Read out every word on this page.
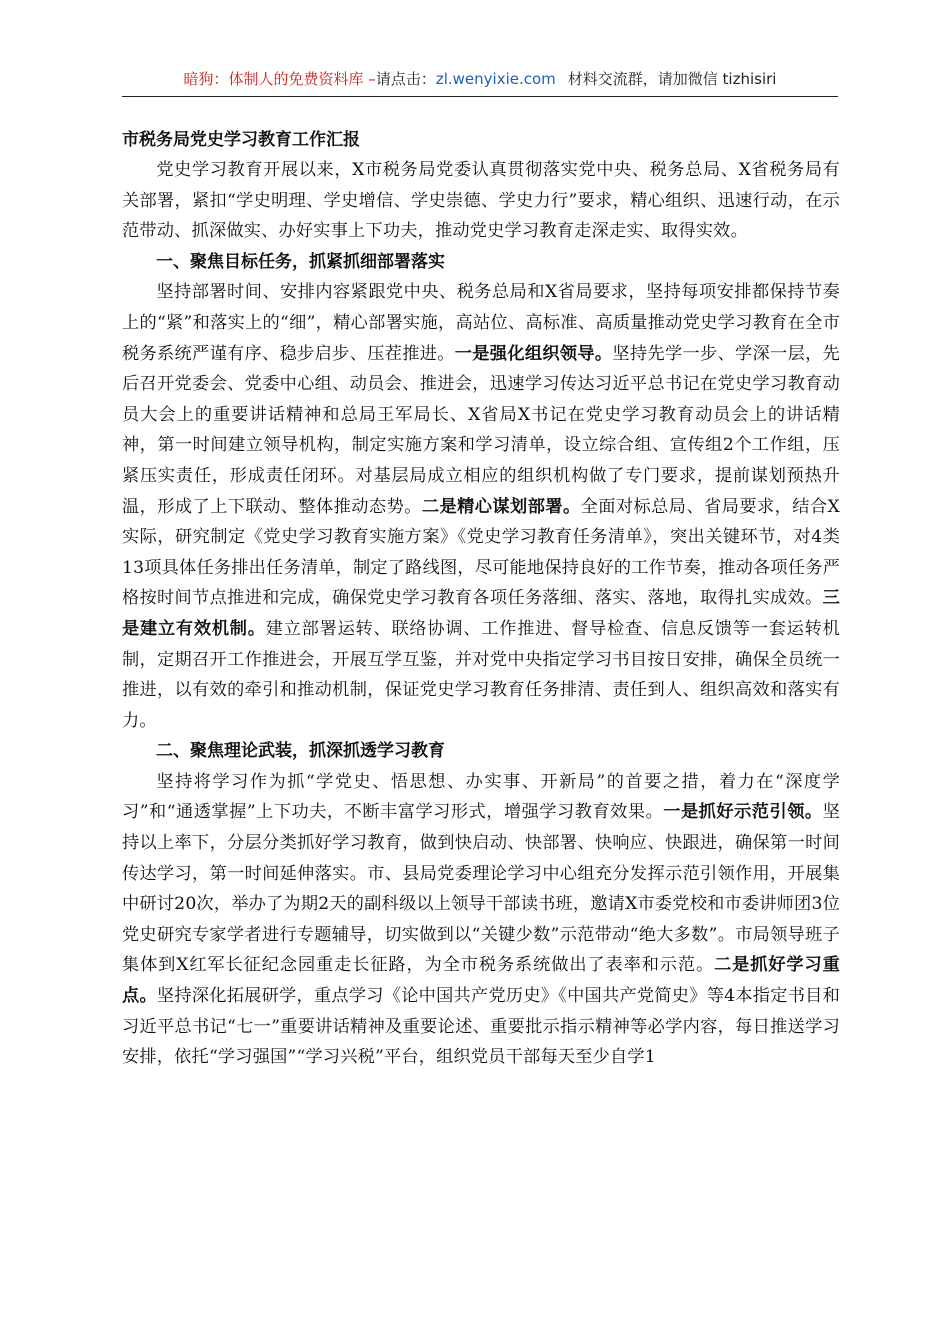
暗狗：体制人的免费资料库 –请点击：zl.wenyixie.com 材料交流群，请加微信 tizhisiri

市税务局党史学习教育工作汇报

党史学习教育开展以来，X市税务局党委认真贯彻落实党中央、税务总局、X省税务局有关部署，紧扣“学史明理、学史增信、学史崇德、学史力行”要求，精心组织、迅速行动，在示范带动、抓深做实、办好实事上下功夫，推动党史学习教育走深走实、取得实效。

一、聚焦目标任务，抓紧抓细部署落实

坚持部署时间、安排内容紧跟党中央、税务总局和X省局要求，坚持每项安排都保持节奏上的“紧”和落实上的“细”，精心部署实施，高站位、高标准、高质量推动党史学习教育在全市税务系统严谨有序、稳步启步、压茬推进。一是强化组织领导。坚持先学一步、学深一层，先后召开党委会、党委中心组、动员会、推进会，迅速学习传达习近平总书记在党史学习教育动员大会上的重要讲话精神和总局王军局长、X省局X书记在党史学习教育动员会上的讲话精神，第一时间建立领导机构，制定实施方案和学习清单，设立综合组、宣传组2个工作组，压紧压实责任，形成责任闭环。对基层局成立相应的组织机构做了专门要求，提前谋划预热升温，形成了上下联动、整体推动态势。二是精心谋划部署。全面对标总局、省局要求，结合X实际，研究制定《党史学习教育实施方案》《党史学习教育任务清单》，突出关键环节，对4类13项具体任务排出任务清单，制定了路线图，尽可能地保持良好的工作节奏，推动各项任务严格按时间节点推进和完成，确保党史学习教育各项任务落细、落实、落地，取得扎实成效。三是建立有效机制。建立部署运转、联络协调、工作推进、督导检查、信息反馈等一套运转机制，定期召开工作推进会，开展互学互鉴，并对党中央指定学习书目按日安排，确保全员统一推进，以有效的牵引和推动机制，保证党史学习教育任务排清、责任到人、组织高效和落实有力。

二、聚焦理论武装，抓深抓透学习教育

坚持将学习作为抓“学党史、悟思想、办实事、开新局”的首要之措，着力在“深度学习”和“通透掌握”上下功夫，不断丰富学习形式，增强学习教育效果。一是抓好示范引领。坚持以上率下，分层分类抓好学习教育，做到快启动、快部署、快响应、快跟进，确保第一时间传达学习，第一时间延伸落实。市、县局党委理论学习中心组充分发挥示范引领作用，开展集中研讨20次，举办了为期2天的副科级以上领导干部读书班，邀请X市委党校和市委讲师团3位党史研究专家学者进行专题辅导，切实做到以“关键少数”示范带动“绝大多数”。市局领导班子集体到X红军长征纪念园重走长征路，为全市税务系统做出了表率和示范。二是抓好学习重点。坚持深化拓展研学，重点学习《论中国共产党历史》《中国共产党简史》等4本指定书目和习近平总书记“七一”重要讲话精神及重要论述、重要批示指示精神等必学内容，每日推送学习安排，依托“学习强国”“学习兴税”平台，组织党员干部每天至少自学1
